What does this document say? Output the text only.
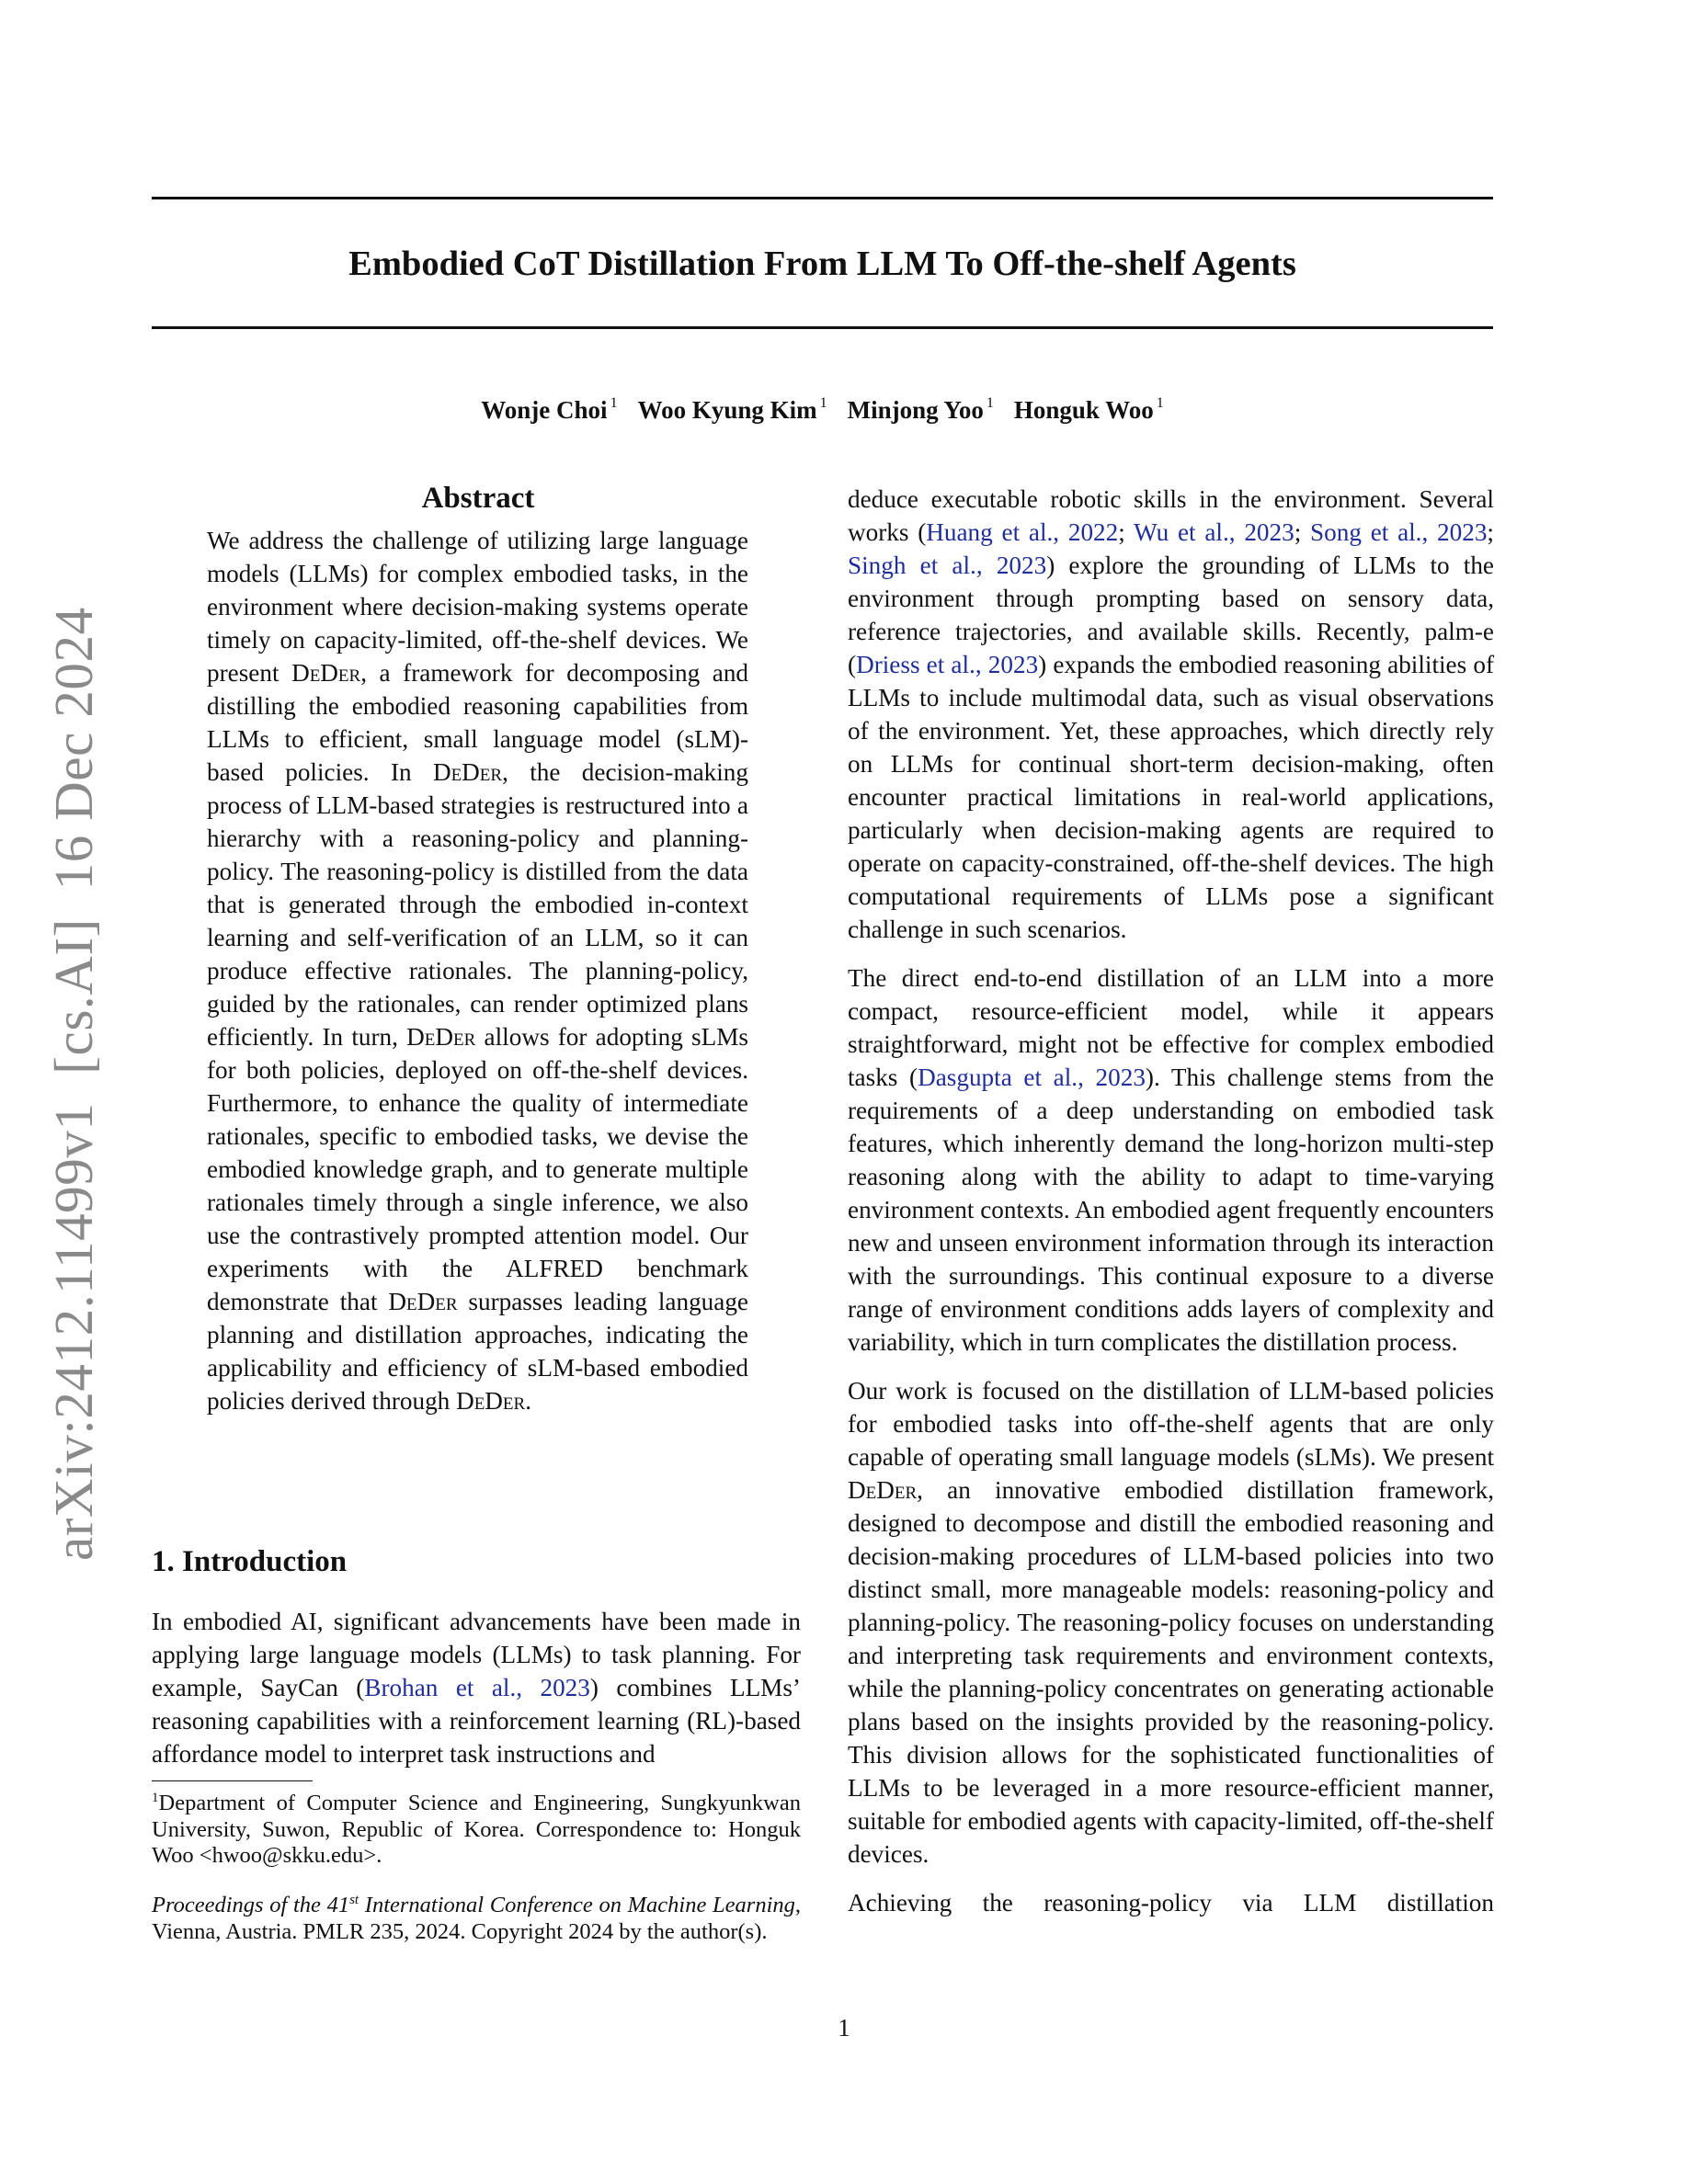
Embodied CoT Distillation From LLM To Off-the-shelf Agents
Wonje Choi $^1$ Woo Kyung Kim $^1$ Minjong Yoo $^1$ Honguk Woo $^1$
arXiv:2412.11499v1  [cs.AI]  16 Dec 2024
Abstract
We address the challenge of utilizing large language models (LLMs) for complex embodied tasks, in the environment where decision-making systems operate timely on capacity-limited, off-the-shelf devices. We present DeDer, a framework for decomposing and distilling the embodied reasoning capabilities from LLMs to efficient, small language model (sLM)-based policies. In DeDer, the decision-making process of LLM-based strategies is restructured into a hierarchy with a reasoning-policy and planning-policy. The reasoning-policy is distilled from the data that is generated through the embodied in-context learning and self-verification of an LLM, so it can produce effective rationales. The planning-policy, guided by the rationales, can render optimized plans efficiently. In turn, DeDer allows for adopting sLMs for both policies, deployed on off-the-shelf devices. Furthermore, to enhance the quality of intermediate rationales, specific to embodied tasks, we devise the embodied knowledge graph, and to generate multiple rationales timely through a single inference, we also use the contrastively prompted attention model. Our experiments with the ALFRED benchmark demonstrate that DeDer surpasses leading language planning and distillation approaches, indicating the applicability and efficiency of sLM-based embodied policies derived through DeDer.
1. Introduction
In embodied AI, significant advancements have been made in applying large language models (LLMs) to task planning. For example, SayCan (Brohan et al., 2023) combines LLMs’ reasoning capabilities with a reinforcement learning (RL)-based affordance model to interpret task instructions and
$^1$Department of Computer Science and Engineering, Sungkyunkwan University, Suwon, Republic of Korea. Correspondence to: Honguk Woo <hwoo@skku.edu>.
Proceedings of the 41st International Conference on Machine Learning, Vienna, Austria. PMLR 235, 2024. Copyright 2024 by the author(s).

deduce executable robotic skills in the environment. Several works (Huang et al., 2022; Wu et al., 2023; Song et al., 2023; Singh et al., 2023) explore the grounding of LLMs to the environment through prompting based on sensory data, reference trajectories, and available skills. Recently, palm-e (Driess et al., 2023) expands the embodied reasoning abilities of LLMs to include multimodal data, such as visual observations of the environment. Yet, these approaches, which directly rely on LLMs for continual short-term decision-making, often encounter practical limitations in real-world applications, particularly when decision-making agents are required to operate on capacity-constrained, off-the-shelf devices. The high computational requirements of LLMs pose a significant challenge in such scenarios.

The direct end-to-end distillation of an LLM into a more compact, resource-efficient model, while it appears straightforward, might not be effective for complex embodied tasks (Dasgupta et al., 2023). This challenge stems from the requirements of a deep understanding on embodied task features, which inherently demand the long-horizon multi-step reasoning along with the ability to adapt to time-varying environment contexts. An embodied agent frequently encounters new and unseen environment information through its interaction with the surroundings. This continual exposure to a diverse range of environment conditions adds layers of complexity and variability, which in turn complicates the distillation process.

Our work is focused on the distillation of LLM-based policies for embodied tasks into off-the-shelf agents that are only capable of operating small language models (sLMs). We present DeDer, an innovative embodied distillation framework, designed to decompose and distill the embodied reasoning and decision-making procedures of LLM-based policies into two distinct small, more manageable models: reasoning-policy and planning-policy. The reasoning-policy focuses on understanding and interpreting task requirements and environment contexts, while the planning-policy concentrates on generating actionable plans based on the insights provided by the reasoning-policy. This division allows for the sophisticated functionalities of LLMs to be leveraged in a more resource-efficient manner, suitable for embodied agents with capacity-limited, off-the-shelf devices.

Achieving the reasoning-policy via LLM distillation

1
